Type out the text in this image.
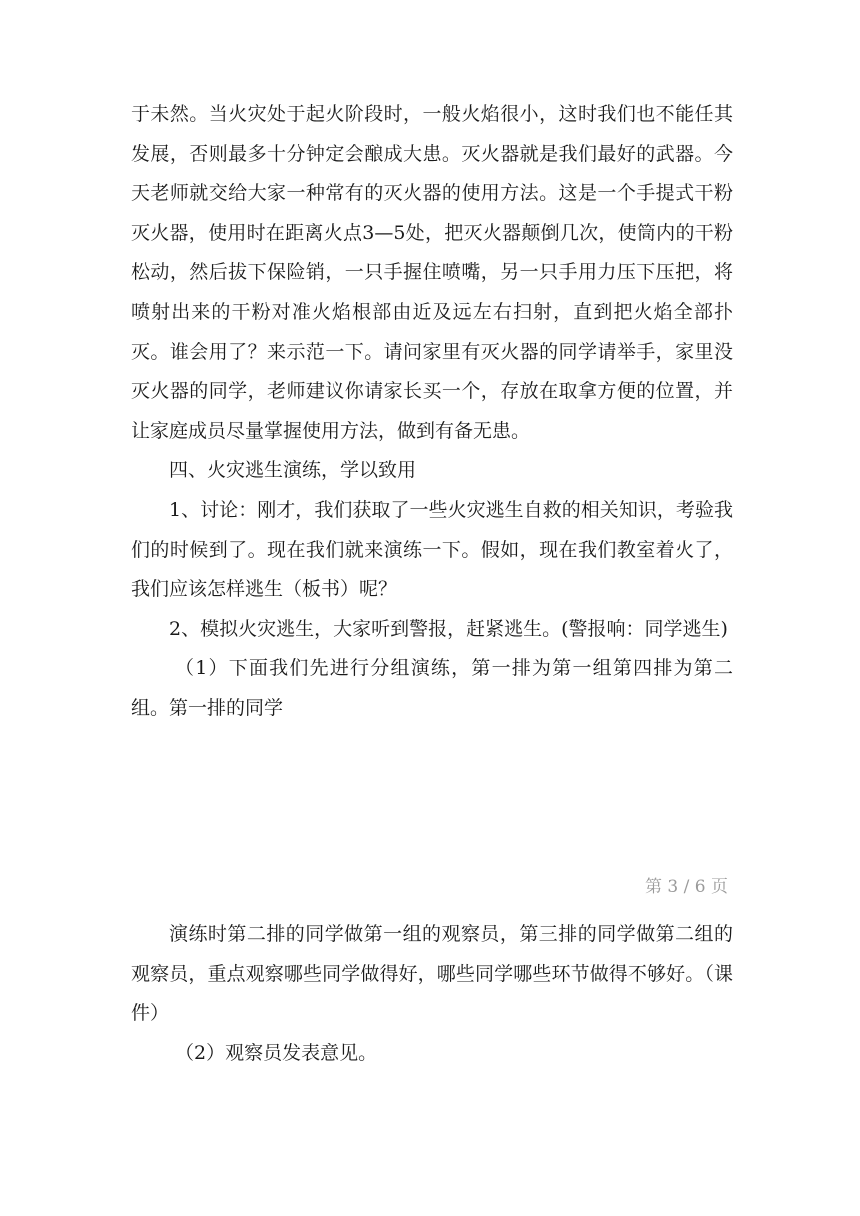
于未然。当火灾处于起火阶段时，一般火焰很小，这时我们也不能任其发展，否则最多十分钟定会酿成大患。灭火器就是我们最好的武器。今天老师就交给大家一种常有的灭火器的使用方法。这是一个手提式干粉灭火器，使用时在距离火点3—5处，把灭火器颠倒几次，使筒内的干粉松动，然后拔下保险销，一只手握住喷嘴，另一只手用力压下压把，将喷射出来的干粉对准火焰根部由近及远左右扫射，直到把火焰全部扑灭。谁会用了？来示范一下。请问家里有灭火器的同学请举手，家里没灭火器的同学，老师建议你请家长买一个，存放在取拿方便的位置，并让家庭成员尽量掌握使用方法，做到有备无患。

四、火灾逃生演练，学以致用

1、讨论：刚才，我们获取了一些火灾逃生自救的相关知识，考验我们的时候到了。现在我们就来演练一下。假如，现在我们教室着火了，我们应该怎样逃生（板书）呢？

2、模拟火灾逃生，大家听到警报，赶紧逃生。(警报响：同学逃生)

（1）下面我们先进行分组演练，第一排为第一组第四排为第二组。第一排的同学

第 3 / 6 页

演练时第二排的同学做第一组的观察员，第三排的同学做第二组的观察员，重点观察哪些同学做得好，哪些同学哪些环节做得不够好。（课件）

（2）观察员发表意见。
